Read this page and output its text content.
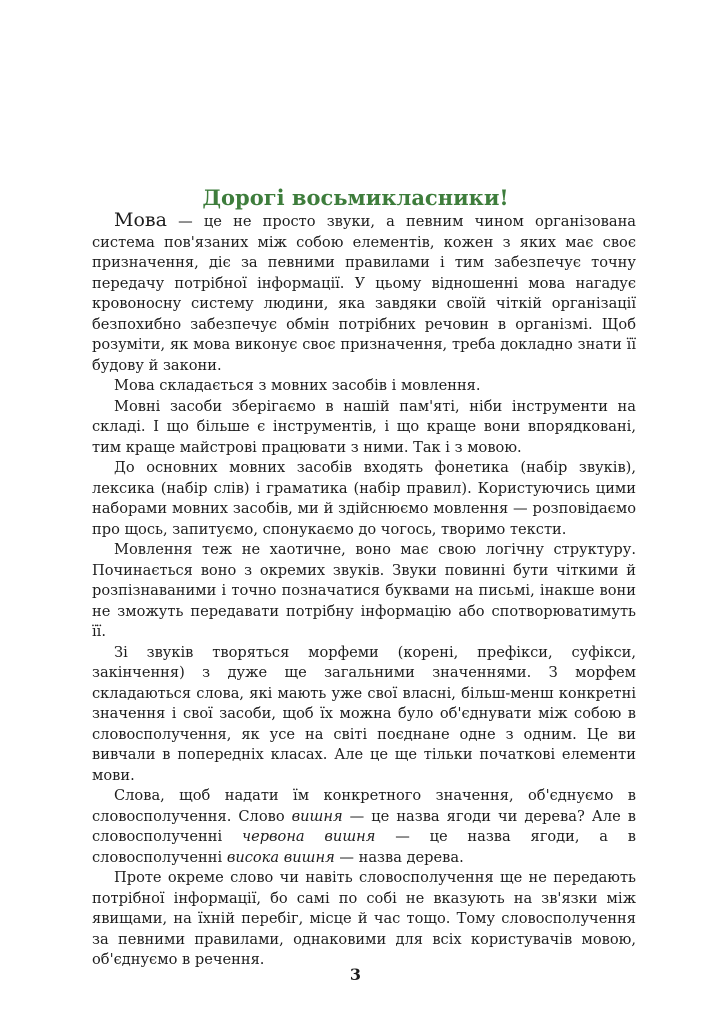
Дорогі восьмикласники!

Мова — це не просто звуки, а певним чином організована система пов'язаних між собою елементів, кожен з яких має своє призначення, діє за певними правилами і тим забезпечує точну передачу потрібної інформації. У цьому відношенні мова нагадує кровоносну систему людини, яка завдяки своїй чіткій організації безпохибно забезпечує обмін потрібних речовин в організмі. Щоб розуміти, як мова виконує своє призначення, треба докладно знати її будову й закони.

Мова складається з мовних засобів і мовлення.

Мовні засоби зберігаємо в нашій пам'яті, ніби інструменти на складі. І що більше є інструментів, і що краще вони впорядковані, тим краще майстрові працювати з ними. Так і з мовою.

До основних мовних засобів входять фонетика (набір звуків), лексика (набір слів) і граматика (набір правил). Користуючись цими наборами мовних засобів, ми й здійснюємо мовлення — розповідаємо про щось, запитуємо, спонукаємо до чогось, творимо тексти.

Мовлення теж не хаотичне, воно має свою логічну структуру. Починається воно з окремих звуків. Звуки повинні бути чіткими й розпізнаваними і точно позначатися буквами на письмі, інакше вони не зможуть передавати потрібну інформацію або спотворюватимуть її.

Зі звуків творяться морфеми (корені, префікси, суфікси, закінчення) з дуже ще загальними значеннями. З морфем складаються слова, які мають уже свої власні, більш-менш конкретні значення і свої засоби, щоб їх можна було об'єднувати між собою в словосполучення, як усе на світі поєднане одне з одним. Це ви вивчали в попередніх класах. Але це ще тільки початкові елементи мови.

Слова, щоб надати їм конкретного значення, об'єднуємо в словосполучення. Слово вишня — це назва ягоди чи дерева? Але в словосполученні червона вишня — це назва ягоди, а в словосполученні висока вишня — назва дерева.

Проте окреме слово чи навіть словосполучення ще не передають потрібної інформації, бо самі по собі не вказують на зв'язки між явищами, на їхній перебіг, місце й час тощо. Тому словосполучення за певними правилами, однаковими для всіх користувачів мовою, об'єднуємо в речення.

3
